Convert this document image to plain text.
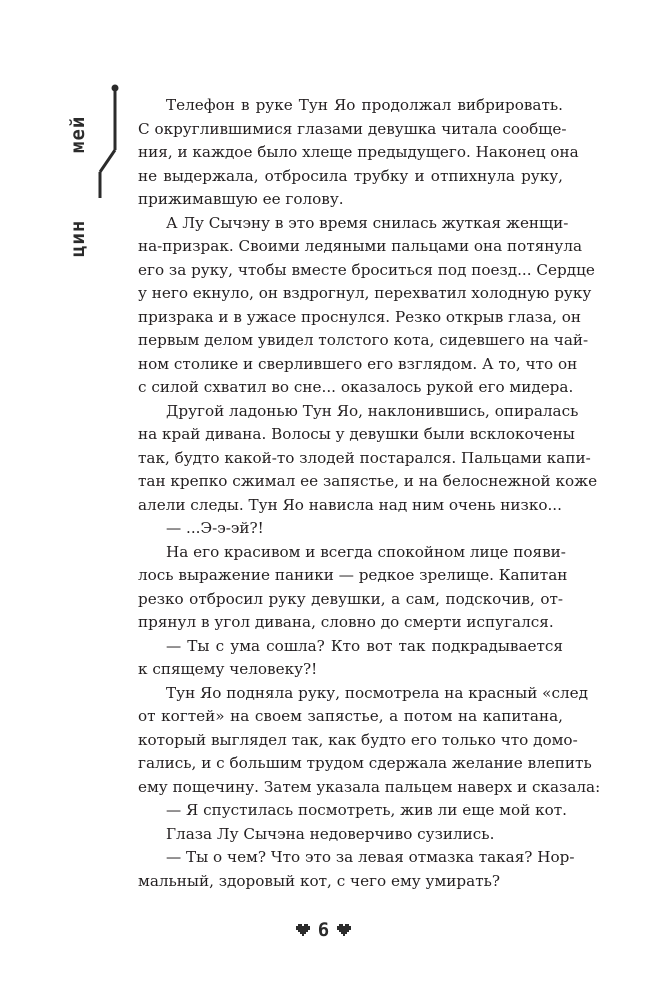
мей
цин

Телефон в руке Тун Яо продолжал вибрировать.
С округлившимися глазами девушка читала сообще-
ния, и каждое было хлеще предыдущего. Наконец она
не выдержала, отбросила трубку и отпихнула руку,
прижимавшую ее голову.

А Лу Сычэну в это время снилась жуткая женщи-
на-призрак. Своими ледяными пальцами она потянула
его за руку, чтобы вместе броситься под поезд... Сердце
у него екнуло, он вздрогнул, перехватил холодную руку
призрака и в ужасе проснулся. Резко открыв глаза, он
первым делом увидел толстого кота, сидевшего на чай-
ном столике и сверлившего его взглядом. А то, что он
с силой схватил во сне... оказалось рукой его мидера.

Другой ладонью Тун Яо, наклонившись, опиралась
на край дивана. Волосы у девушки были всклокочены
так, будто какой-то злодей постарался. Пальцами капи-
тан крепко сжимал ее запястье, и на белоснежной коже
алели следы. Тун Яо нависла над ним очень низко...

— ...Э-э-эй?!

На его красивом и всегда спокойном лице появи-
лось выражение паники — редкое зрелище. Капитан
резко отбросил руку девушки, а сам, подскочив, от-
прянул в угол дивана, словно до смерти испугался.

— Ты с ума сошла? Кто вот так подкрадывается
к спящему человеку?!

Тун Яо подняла руку, посмотрела на красный «след
от когтей» на своем запястье, а потом на капитана,
который выглядел так, как будто его только что домо-
гались, и с большим трудом сдержала желание влепить
ему пощечину. Затем указала пальцем наверх и сказала:

— Я спустилась посмотреть, жив ли еще мой кот.

Глаза Лу Сычэна недоверчиво сузились.

— Ты о чем? Что это за левая отмазка такая? Нор-
мальный, здоровый кот, с чего ему умирать?

6
